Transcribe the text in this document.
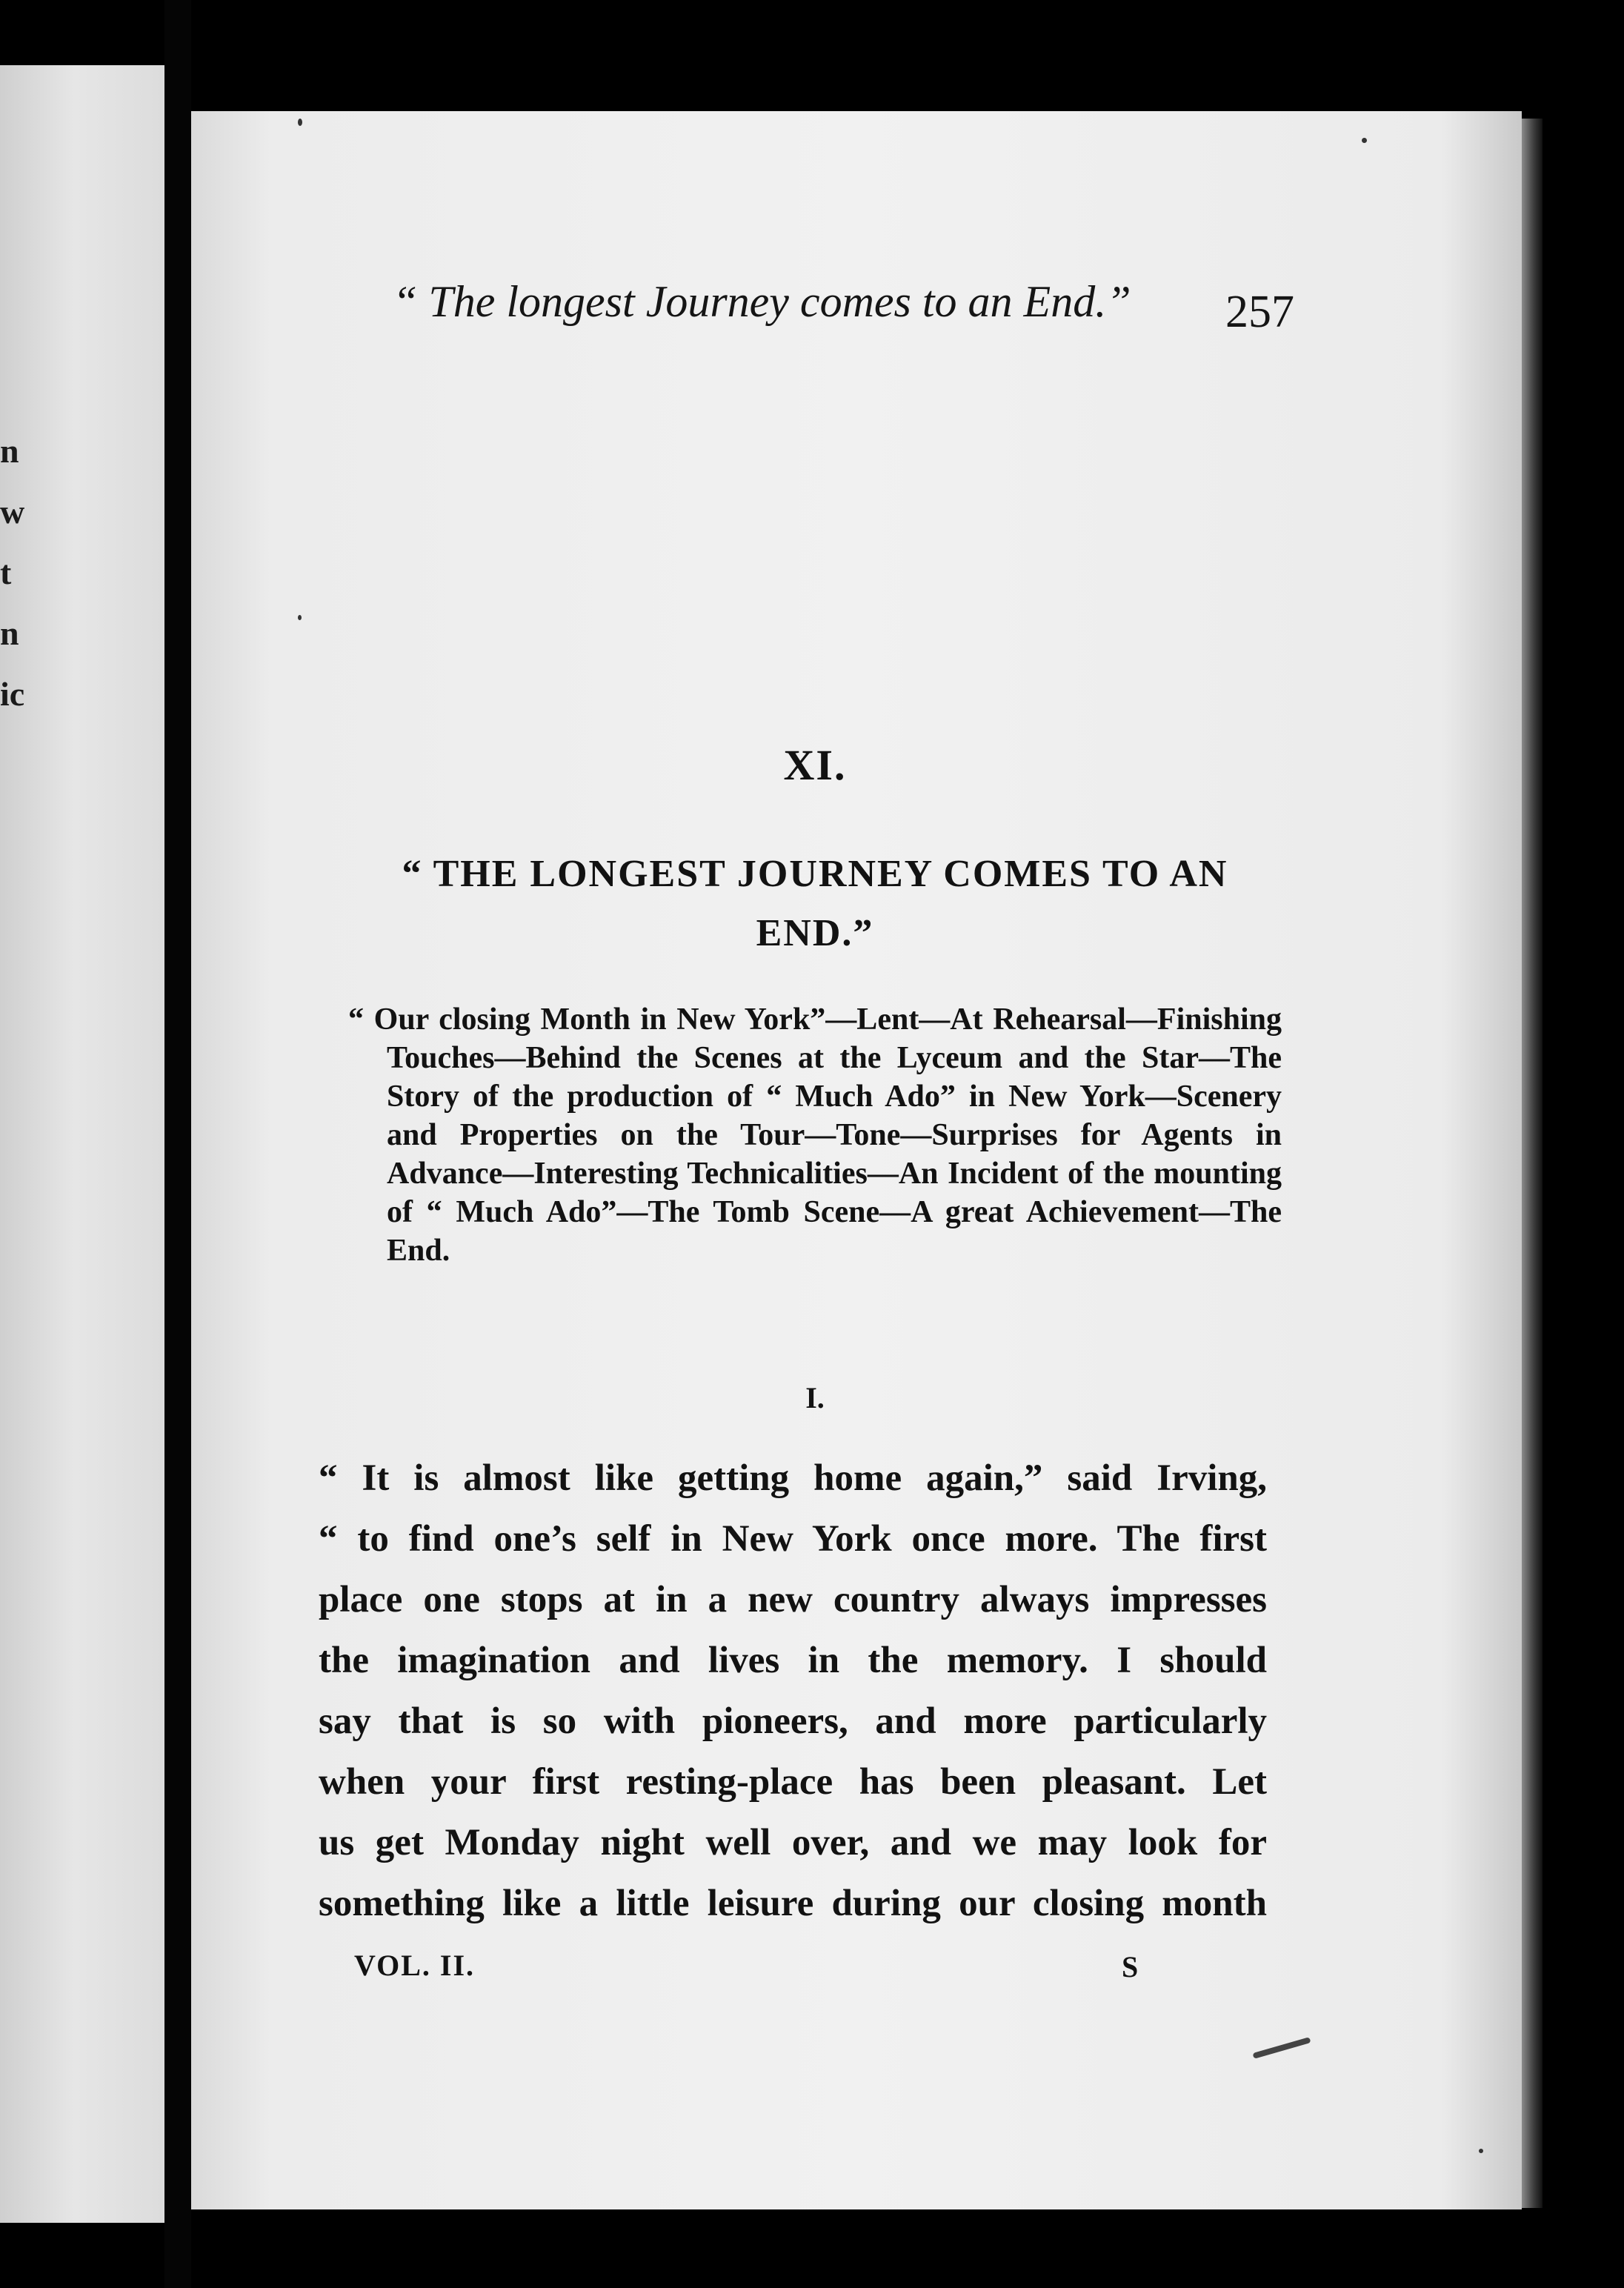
n
w
t
n
ic
“ The longest Journey comes to an End.”	257
XI.
“ THE LONGEST JOURNEY COMES TO AN
END.”
“ Our closing Month in New York”—Lent—At Rehearsal—Finishing Touches—Behind the Scenes at the Lyceum and the Star—The Story of the production of “ Much Ado” in New York—Scenery and Properties on the Tour—Tone—Surprises for Agents in Advance—Interesting Technicalities—An Incident of the mounting of “ Much Ado”—The Tomb Scene—A great Achievement—The End.
I.
“ It is almost like getting home again,” said Irving,
“ to find one’s self in New York once more. The first
place one stops at in a new country always impresses
the imagination and lives in the memory. I should
say that is so with pioneers, and more particularly
when your first resting-place has been pleasant. Let
us get Monday night well over, and we may look for
something like a little leisure during our closing month
VOL. II.	S
